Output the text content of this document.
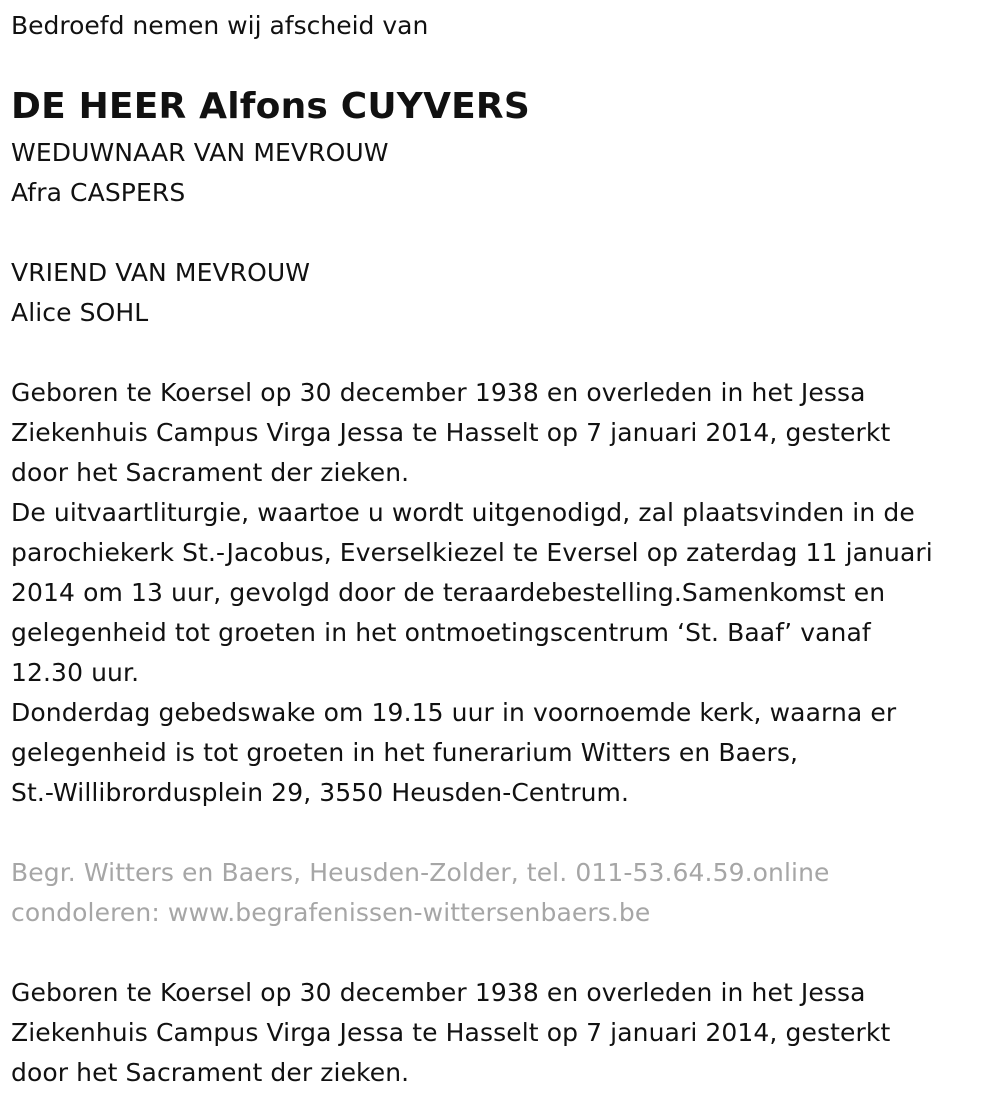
Bedroefd nemen wij afscheid van

DE HEER Alfons CUYVERS

WEDUWNAAR VAN MEVROUW

Afra CASPERS

VRIEND VAN MEVROUW

Alice SOHL

Geboren te Koersel op 30 december 1938 en overleden in het Jessa

Ziekenhuis Campus Virga Jessa te Hasselt op 7 januari 2014, gesterkt

door het Sacrament der zieken.

De uitvaartliturgie, waartoe u wordt uitgenodigd, zal plaatsvinden in de

parochiekerk St.-Jacobus, Everselkiezel te Eversel op zaterdag 11 januari

2014 om 13 uur, gevolgd door de teraardebestelling.Samenkomst en

gelegenheid tot groeten in het ontmoetingscentrum ‘St. Baaf’ vanaf

12.30 uur.

Donderdag gebedswake om 19.15 uur in voornoemde kerk, waarna er

gelegenheid is tot groeten in het funerarium Witters en Baers,

St.-Willibrordusplein 29, 3550 Heusden-Centrum.

Begr. Witters en Baers, Heusden-Zolder, tel. 011-53.64.59.online

condoleren: www.begrafenissen-wittersenbaers.be

Geboren te Koersel op 30 december 1938 en overleden in het Jessa

Ziekenhuis Campus Virga Jessa te Hasselt op 7 januari 2014, gesterkt

door het Sacrament der zieken.
